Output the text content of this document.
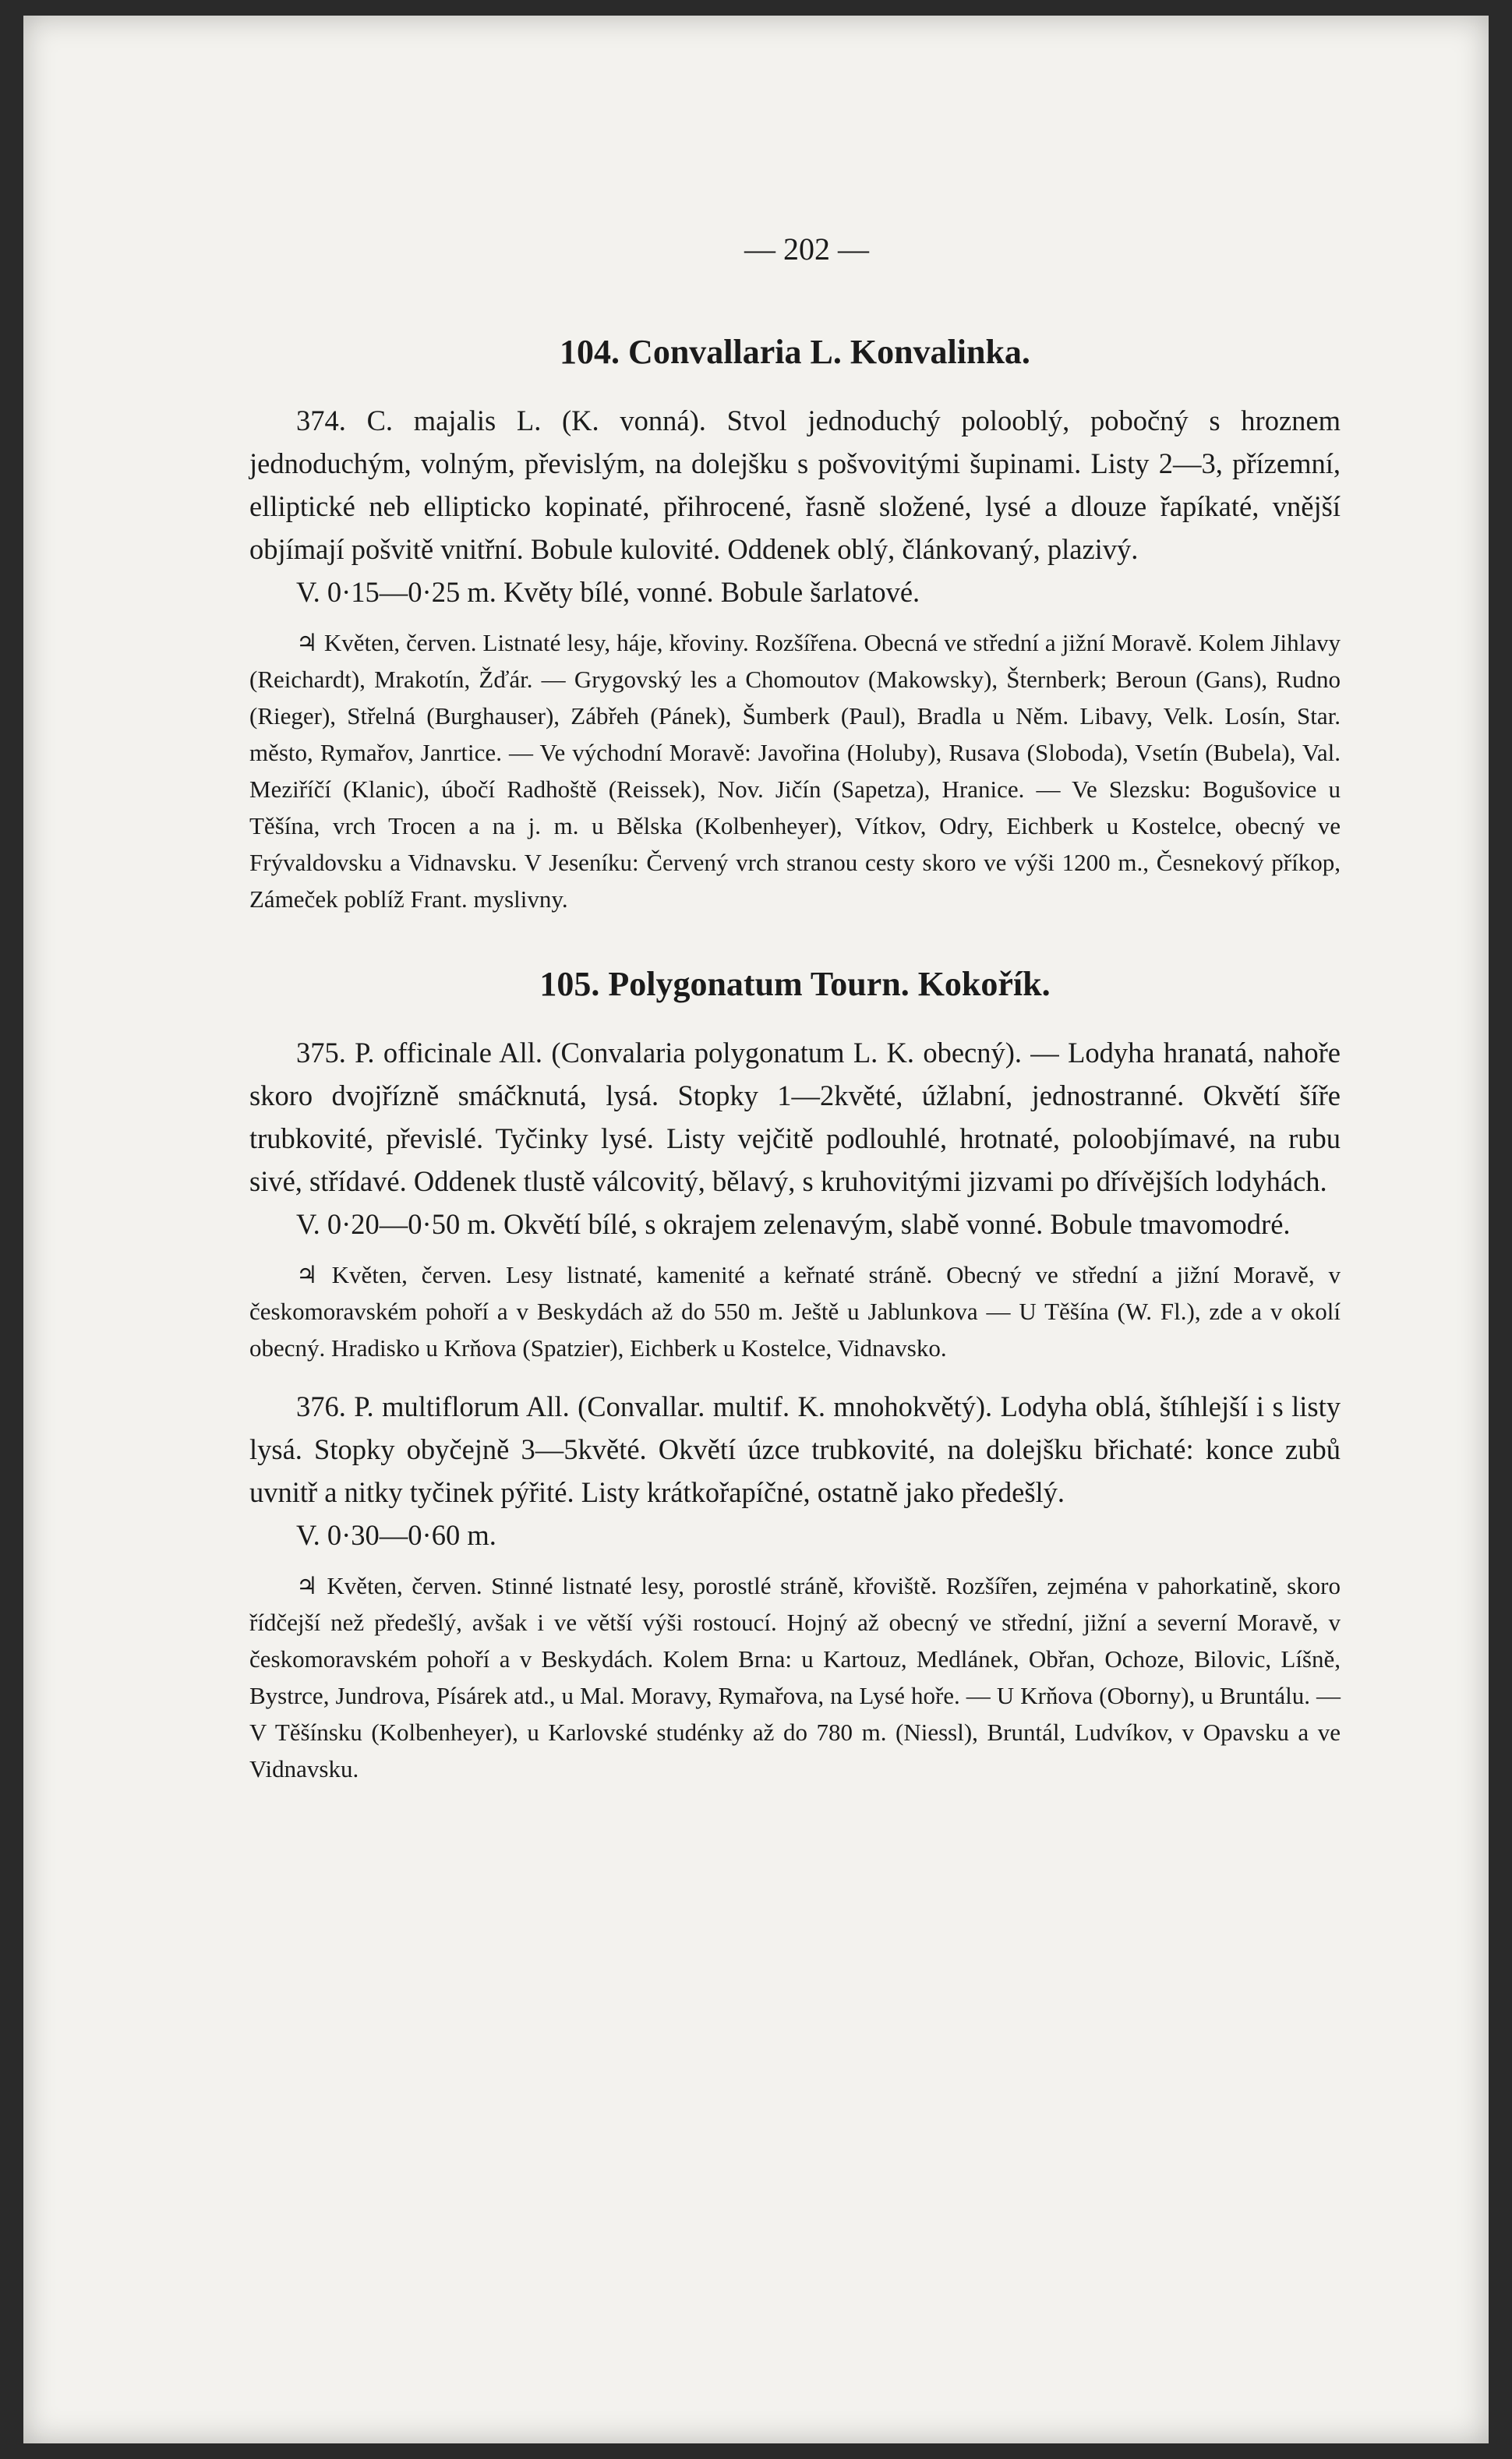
— 202 —
104. Convallaria L. Konvalinka.

374. C. majalis L. (K. vonná). Stvol jednoduchý polooblý, pobočný s hroznem jednoduchým, volným, převislým, na dolejšku s pošvovitými šupinami. Listy 2—3, přízemní, elliptické neb ellipticko kopinaté, přihrocené, řasně složené, lysé a dlouze řapíkaté, vnější objímají pošvitě vnitřní. Bobule kulovité. Oddenek oblý, článkovaný, plazivý.

V. 0·15—0·25 m. Květy bílé, vonné. Bobule šarlatové.

♃ Květen, červen. Listnaté lesy, háje, křoviny. Rozšířena. Obecná ve střední a jižní Moravě. Kolem Jihlavy (Reichardt), Mrakotín, Žďár. — Grygovský les a Chomoutov (Makowsky), Šternberk; Beroun (Gans), Rudno (Rieger), Střelná (Burghauser), Zábřeh (Pánek), Šumberk (Paul), Bradla u Něm. Libavy, Velk. Losín, Star. město, Rymařov, Janrtice. — Ve východní Moravě: Javořina (Holuby), Rusava (Sloboda), Vsetín (Bubela), Val. Meziříčí (Klanic), úbočí Radhoště (Reissek), Nov. Jičín (Sapetza), Hranice. — Ve Slezsku: Bogušovice u Těšína, vrch Trocen a na j. m. u Bělska (Kolbenheyer), Vítkov, Odry, Eichberk u Kostelce, obecný ve Frývaldovsku a Vidnavsku. V Jeseníku: Červený vrch stranou cesty skoro ve výši 1200 m., Česnekový příkop, Zámeček poblíž Frant. myslivny.

105. Polygonatum Tourn. Kokořík.

375. P. officinale All. (Convalaria polygonatum L. K. obecný). — Lodyha hranatá, nahoře skoro dvojřízně smáčknutá, lysá. Stopky 1—2květé, úžlabní, jednostranné. Okvětí šíře trubkovité, převislé. Tyčinky lysé. Listy vejčitě podlouhlé, hrotnaté, poloobjímavé, na rubu sivé, střídavé. Oddenek tlustě válcovitý, bělavý, s kruhovitými jizvami po dřívějších lodyhách.

V. 0·20—0·50 m. Okvětí bílé, s okrajem zelenavým, slabě vonné. Bobule tmavomodré.

♃ Květen, červen. Lesy listnaté, kamenité a keřnaté stráně. Obecný ve střední a jižní Moravě, v českomoravském pohoří a v Beskydách až do 550 m. Ještě u Jablunkova — U Těšína (W. Fl.), zde a v okolí obecný. Hradisko u Krňova (Spatzier), Eichberk u Kostelce, Vidnavsko.

376. P. multiflorum All. (Convallar. multif. K. mnohokvětý). Lodyha oblá, štíhlejší i s listy lysá. Stopky obyčejně 3—5květé. Okvětí úzce trubkovité, na dolejšku břichaté: konce zubů uvnitř a nitky tyčinek pýřité. Listy krátkořapíčné, ostatně jako předešlý.

V. 0·30—0·60 m.

♃ Květen, červen. Stinné listnaté lesy, porostlé stráně, křoviště. Rozšířen, zejména v pahorkatině, skoro řídčejší než předešlý, avšak i ve větší výši rostoucí. Hojný až obecný ve střední, jižní a severní Moravě, v českomoravském pohoří a v Beskydách. Kolem Brna: u Kartouz, Medlánek, Obřan, Ochoze, Bilovic, Líšně, Bystrce, Jundrova, Písárek atd., u Mal. Moravy, Rymařova, na Lysé hoře. — U Krňova (Oborny), u Bruntálu. — V Těšínsku (Kolbenheyer), u Karlovské studénky až do 780 m. (Niessl), Bruntál, Ludvíkov, v Opavsku a ve Vidnavsku.
